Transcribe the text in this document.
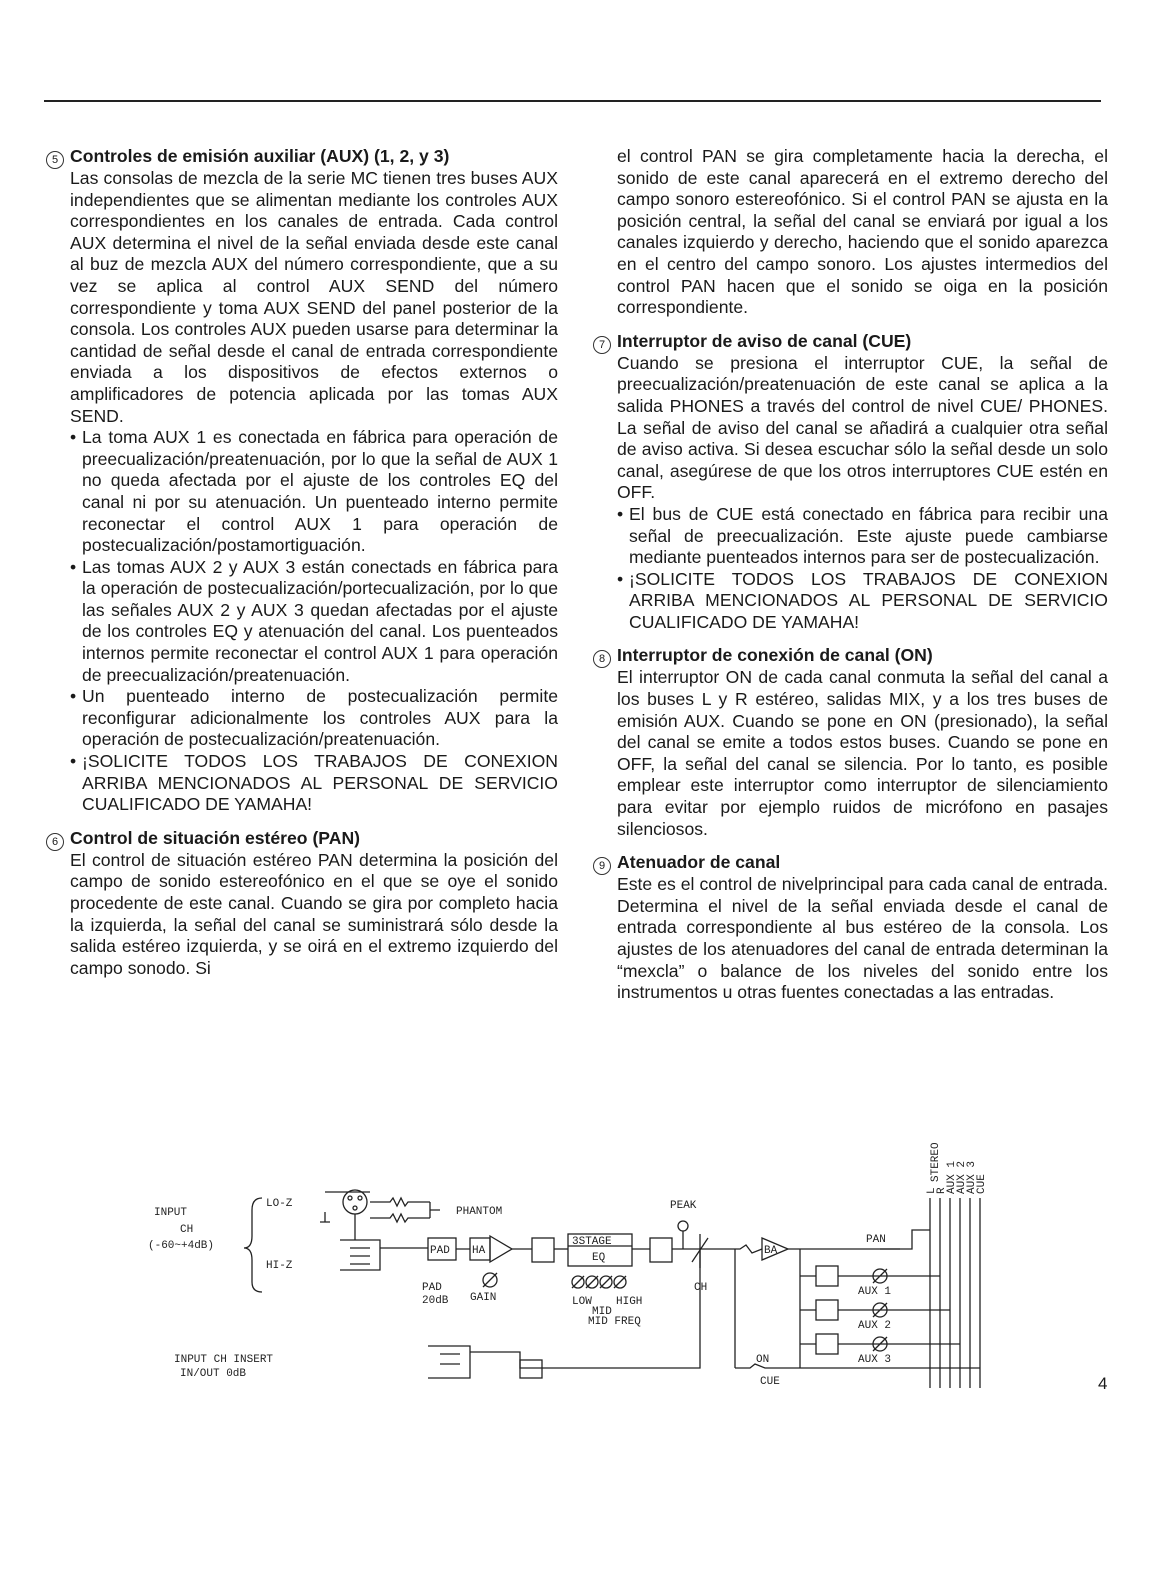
5 Controles de emisión auxiliar (AUX) (1, 2, y 3)
Las consolas de mezcla de la serie MC tienen tres buses AUX independientes que se alimentan mediante los controles AUX correspondientes en los canales de entrada. Cada control AUX determina el nivel de la señal enviada desde este canal al buz de mezcla AUX del número correspondiente, que a su vez se aplica al control AUX SEND del número correspondiente y toma AUX SEND del panel posterior de la consola. Los controles AUX pueden usarse para determinar la cantidad de señal desde el canal de entrada correspondiente enviada a los dispositivos de efectos externos o amplificadores de potencia aplicada por las tomas AUX SEND.
• La toma AUX 1 es conectada en fábrica para operación de preecualización/preatenuación, por lo que la señal de AUX 1 no queda afectada por el ajuste de los controles EQ del canal ni por su atenuación. Un puenteado interno permite reconectar el control AUX 1 para operación de postecualización/postamortiguación.
• Las tomas AUX 2 y AUX 3 están conectads en fábrica para la operación de postecualización/portecualización, por lo que las señales AUX 2 y AUX 3 quedan afectadas por el ajuste de los controles EQ y atenuación del canal. Los puenteados internos permite reconectar el control AUX 1 para operación de preecualización/preatenuación.
• Un puenteado interno de postecualización permite reconfigurar adicionalmente los controles AUX para la operación de postecualización/preatenuación.
• ¡SOLICITE TODOS LOS TRABAJOS DE CONEXION ARRIBA MENCIONADOS AL PERSONAL DE SERVICIO CUALIFICADO DE YAMAHA!
6 Control de situación estéreo (PAN)
El control de situación estéreo PAN determina la posición del campo de sonido estereofónico en el que se oye el sonido procedente de este canal. Cuando se gira por completo hacia la izquierda, la señal del canal se suministrará sólo desde la salida estéreo izquierda, y se oirá en el extremo izquierdo del campo sonodo. Si
el control PAN se gira completamente hacia la derecha, el sonido de este canal aparecerá en el extremo derecho del campo sonoro estereofónico. Si el control PAN se ajusta en la posición central, la señal del canal se enviará por igual a los canales izquierdo y derecho, haciendo que el sonido aparezca en el centro del campo sonoro. Los ajustes intermedios del control PAN hacen que el sonido se oiga en la posición correspondiente.
7 Interruptor de aviso de canal (CUE)
Cuando se presiona el interruptor CUE, la señal de preecualización/preatenuación de este canal se aplica a la salida PHONES a través del control de nivel CUE/ PHONES. La señal de aviso del canal se añadirá a cualquier otra señal de aviso activa. Si desea escuchar sólo la señal desde un solo canal, asegúrese de que los otros interruptores CUE estén en OFF.
• El bus de CUE está conectado en fábrica para recibir una señal de preecualización. Este ajuste puede cambiarse mediante puenteados internos para ser de postecualización.
• ¡SOLICITE TODOS LOS TRABAJOS DE CONEXION ARRIBA MENCIONADOS AL PERSONAL DE SERVICIO CUALIFICADO DE YAMAHA!
8 Interruptor de conexión de canal (ON)
El interruptor ON de cada canal conmuta la señal del canal a los buses L y R estéreo, salidas MIX, y a los tres buses de emisión AUX. Cuando se pone en ON (presionado), la señal del canal se emite a todos estos buses. Cuando se pone en OFF, la señal del canal se silencia. Por lo tanto, es posible emplear este interruptor como interruptor de silenciamiento para evitar por ejemplo ruidos de micrófono en pasajes silenciosos.
9 Atenuador de canal
Este es el control de nivelprincipal para cada canal de entrada. Determina el nivel de la señal enviada desde el canal de entrada correspondiente al bus estéreo de la consola. Los ajustes de los atenuadores del canal de entrada determinan la “mexcla” o balance de los niveles del sonido entre los instrumentos u otras fuentes conectadas a las entradas.
INPUT
CH
(-60~+4dB)
LO-Z
HI-Z
PHANTOM
PAD
PAD
20dB
HA
GAIN
3STAGE
EQ
LOW
MID
MID FREQ
HIGH
PEAK
CH
BA
PAN
AUX 1
AUX 2
AUX 3
ON
CUE
INPUT CH INSERT
IN/OUT 0dB
L
R
STEREO AUX 1
AUX 2
AUX 3
CUE
4
